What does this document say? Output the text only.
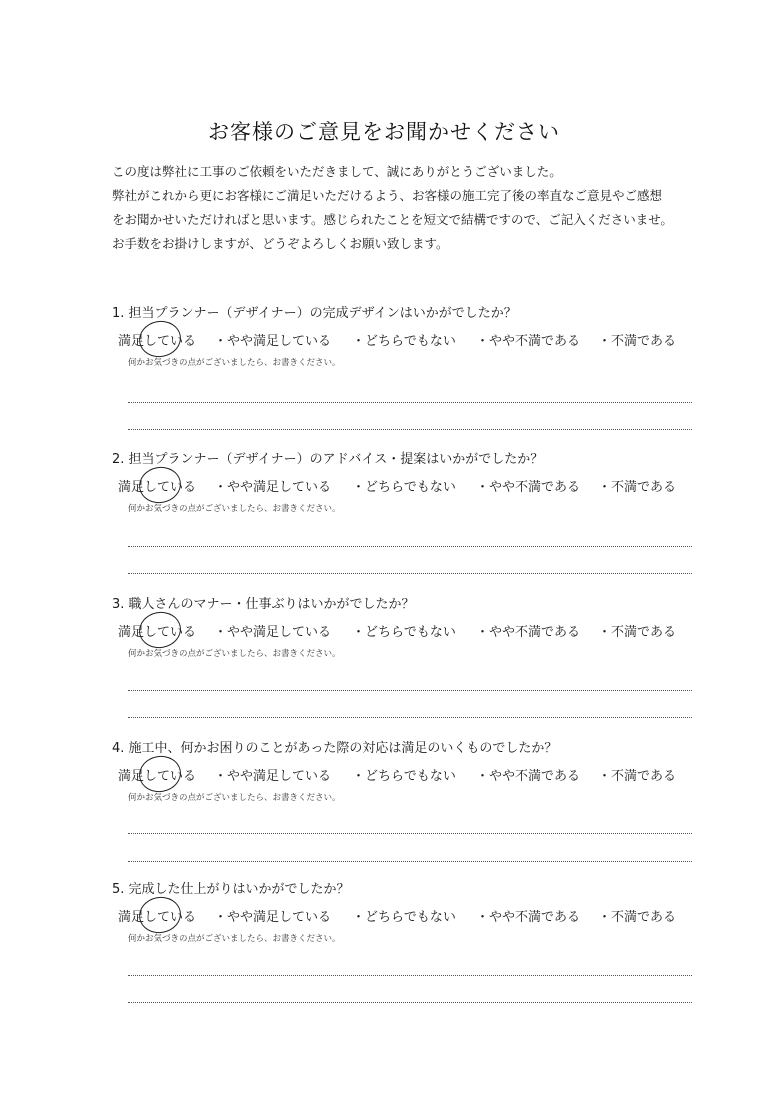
お客様のご意見をお聞かせください
この度は弊社に工事のご依頼をいただきまして、誠にありがとうございました。
弊社がこれから更にお客様にご満足いただけるよう、お客様の施工完了後の率直なご意見やご感想
をお聞かせいただければと思います。感じられたことを短文で結構ですので、ご記入くださいませ。
お手数をお掛けしますが、どうぞよろしくお願い致します。
1. 担当プランナー（デザイナー）の完成デザインはいかがでしたか？
満足している ・やや満足している ・どちらでもない ・やや不満である ・不満である
何かお気づきの点がございましたら、お書きください。
2. 担当プランナー（デザイナー）のアドバイス・提案はいかがでしたか？
満足している ・やや満足している ・どちらでもない ・やや不満である ・不満である
何かお気づきの点がございましたら、お書きください。
3. 職人さんのマナー・仕事ぶりはいかがでしたか？
満足している ・やや満足している ・どちらでもない ・やや不満である ・不満である
何かお気づきの点がございましたら、お書きください。
4. 施工中、何かお困りのことがあった際の対応は満足のいくものでしたか？
満足している ・やや満足している ・どちらでもない ・やや不満である ・不満である
何かお気づきの点がございましたら、お書きください。
5. 完成した仕上がりはいかがでしたか？
満足している ・やや満足している ・どちらでもない ・やや不満である ・不満である
何かお気づきの点がございましたら、お書きください。
